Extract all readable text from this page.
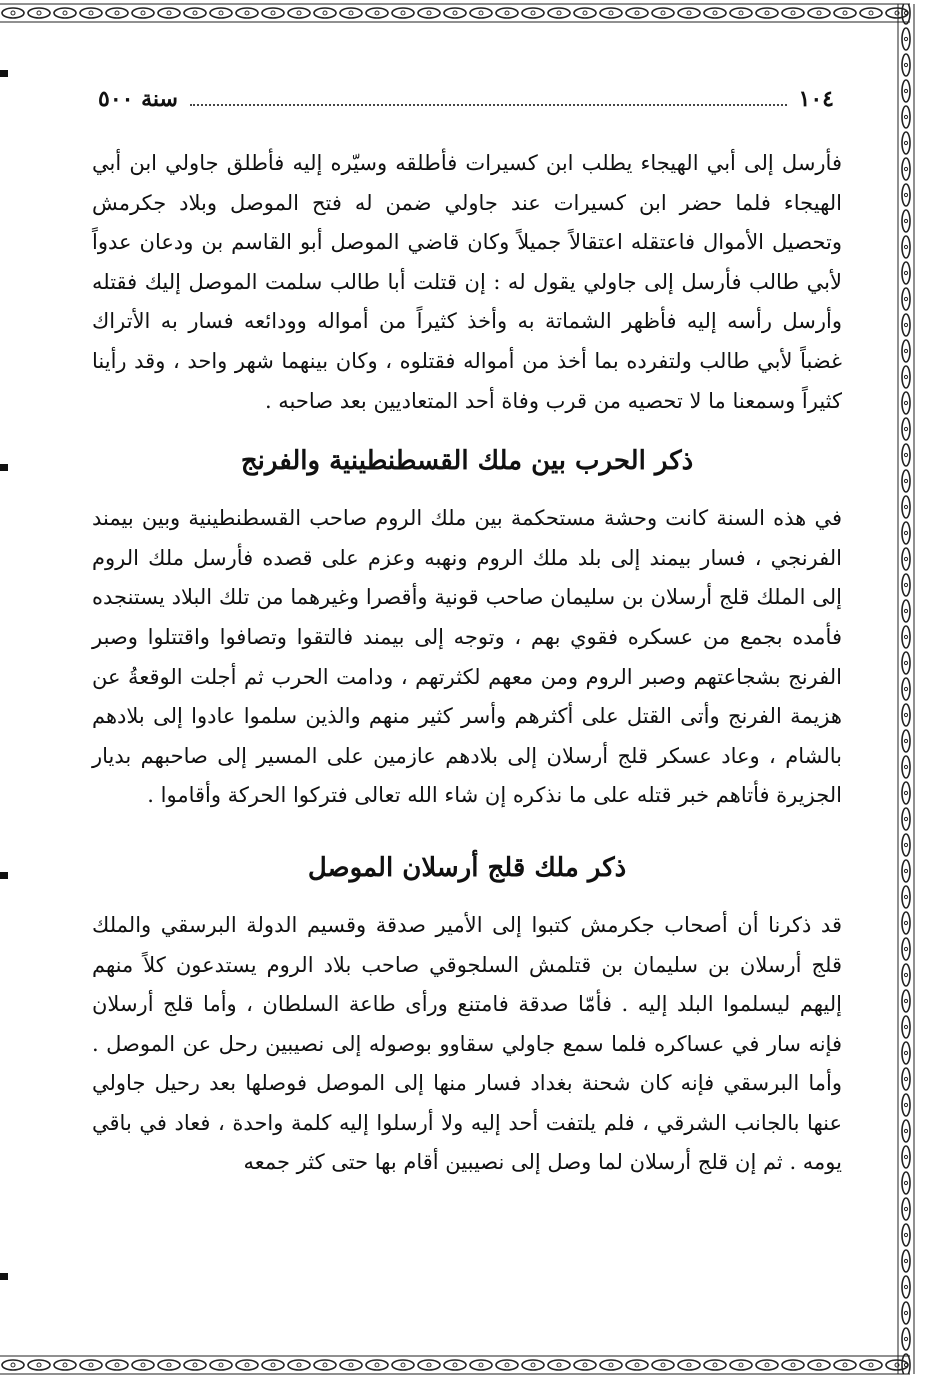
١٠٤
سنة ٥٠٠

فأرسل إلى أبي الهيجاء يطلب ابن كسيرات فأطلقه وسيّره إليه فأطلق جاولي ابن أبي الهيجاء فلما حضر ابن كسيرات عند جاولي ضمن له فتح الموصل وبلاد جكرمش وتحصيل الأموال فاعتقله اعتقالاً جميلاً وكان قاضي الموصل أبو القاسم بن ودعان عدواً لأبي طالب فأرسل إلى جاولي يقول له : إن قتلت أبا طالب سلمت الموصل إليك فقتله وأرسل رأسه إليه فأظهر الشماتة به وأخذ كثيراً من أمواله وودائعه فسار به الأتراك غضباً لأبي طالب ولتفرده بما أخذ من أمواله فقتلوه ، وكان بينهما شهر واحد ، وقد رأينا كثيراً وسمعنا ما لا تحصيه من قرب وفاة أحد المتعاديين بعد صاحبه .

ذكر الحرب بين ملك القسطنطينية والفرنج

في هذه السنة كانت وحشة مستحكمة بين ملك الروم صاحب القسطنطينية وبين بيمند الفرنجي ، فسار بيمند إلى بلد ملك الروم ونهبه وعزم على قصده فأرسل ملك الروم إلى الملك قلج أرسلان بن سليمان صاحب قونية وأقصرا وغيرهما من تلك البلاد يستنجده فأمده بجمع من عسكره فقوي بهم ، وتوجه إلى بيمند فالتقوا وتصافوا واقتتلوا وصبر الفرنج بشجاعتهم وصبر الروم ومن معهم لكثرتهم ، ودامت الحرب ثم أجلت الوقعةُ عن هزيمة الفرنج وأتى القتل على أكثرهم وأسر كثير منهم والذين سلموا عادوا إلى بلادهم بالشام ، وعاد عسكر قلج أرسلان إلى بلادهم عازمين على المسير إلى صاحبهم بديار الجزيرة فأتاهم خبر قتله على ما نذكره إن شاء الله تعالى فتركوا الحركة وأقاموا .

ذكر ملك قلج أرسلان الموصل

قد ذكرنا أن أصحاب جكرمش كتبوا إلى الأمير صدقة وقسيم الدولة البرسقي والملك قلج أرسلان بن سليمان بن قتلمش السلجوقي صاحب بلاد الروم يستدعون كلاً منهم إليهم ليسلموا البلد إليه . فأمّا صدقة فامتنع ورأى طاعة السلطان ، وأما قلج أرسلان فإنه سار في عساكره فلما سمع جاولي سقاوو بوصوله إلى نصيبين رحل عن الموصل . وأما البرسقي فإنه كان شحنة بغداد فسار منها إلى الموصل فوصلها بعد رحيل جاولي عنها بالجانب الشرقي ، فلم يلتفت أحد إليه ولا أرسلوا إليه كلمة واحدة ، فعاد في باقي يومه . ثم إن قلج أرسلان لما وصل إلى نصيبين أقام بها حتى كثر جمعه
